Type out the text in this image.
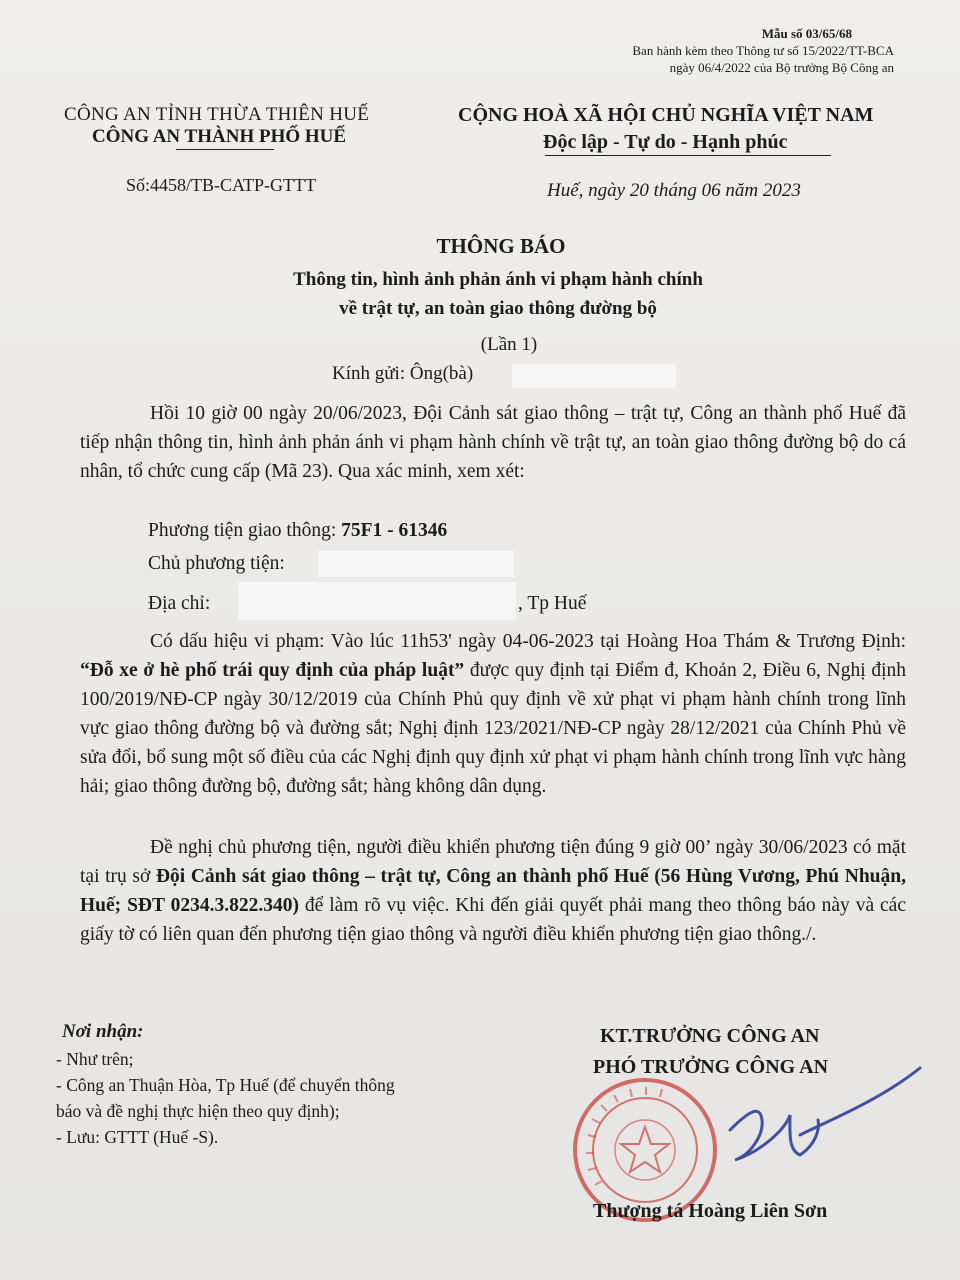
Mẫu số 03/65/68
Ban hành kèm theo Thông tư số 15/2022/TT-BCA
ngày 06/4/2022 của Bộ trưởng Bộ Công an
CÔNG AN TỈNH THỪA THIÊN HUẾ
CÔNG AN THÀNH PHỐ HUẾ
Số:4458/TB-CATP-GTTT
CỘNG HOÀ XÃ HỘI CHỦ NGHĨA VIỆT NAM
Độc lập - Tự do - Hạnh phúc
Huế, ngày 20 tháng 06 năm 2023
THÔNG BÁO
Thông tin, hình ảnh phản ánh vi phạm hành chính
về trật tự, an toàn giao thông đường bộ
(Lần 1)
Kính gửi: Ông(bà)
Hồi 10 giờ 00 ngày 20/06/2023, Đội Cảnh sát giao thông – trật tự, Công an thành phố Huế đã tiếp nhận thông tin, hình ảnh phản ánh vi phạm hành chính về trật tự, an toàn giao thông đường bộ do cá nhân, tổ chức cung cấp (Mã 23). Qua xác minh, xem xét:
Phương tiện giao thông: 75F1 - 61346
Chủ phương tiện:
Địa chỉ:	, Tp Huế
Có dấu hiệu vi phạm: Vào lúc 11h53' ngày 04-06-2023 tại Hoàng Hoa Thám & Trương Định: “Đỗ xe ở hè phố trái quy định của pháp luật” được quy định tại Điểm đ, Khoản 2, Điều 6, Nghị định 100/2019/NĐ-CP ngày 30/12/2019 của Chính Phủ quy định về xử phạt vi phạm hành chính trong lĩnh vực giao thông đường bộ và đường sắt; Nghị định 123/2021/NĐ-CP ngày 28/12/2021 của Chính Phủ về sửa đổi, bổ sung một số điều của các Nghị định quy định xử phạt vi phạm hành chính trong lĩnh vực hàng hải; giao thông đường bộ, đường sắt; hàng không dân dụng.
Đề nghị chủ phương tiện, người điều khiển phương tiện đúng 9 giờ 00’ ngày 30/06/2023 có mặt tại trụ sở Đội Cảnh sát giao thông – trật tự, Công an thành phố Huế (56 Hùng Vương, Phú Nhuận, Huế; SĐT 0234.3.822.340) để làm rõ vụ việc. Khi đến giải quyết phải mang theo thông báo này và các giấy tờ có liên quan đến phương tiện giao thông và người điều khiển phương tiện giao thông./.
Nơi nhận:
- Như trên;
- Công an Thuận Hòa, Tp Huế (để chuyển thông
báo và đề nghị thực hiện theo quy định);
- Lưu: GTTT (Huế -S).
KT.TRƯỞNG CÔNG AN
PHÓ TRƯỞNG CÔNG AN
Thượng tá Hoàng Liên Sơn
